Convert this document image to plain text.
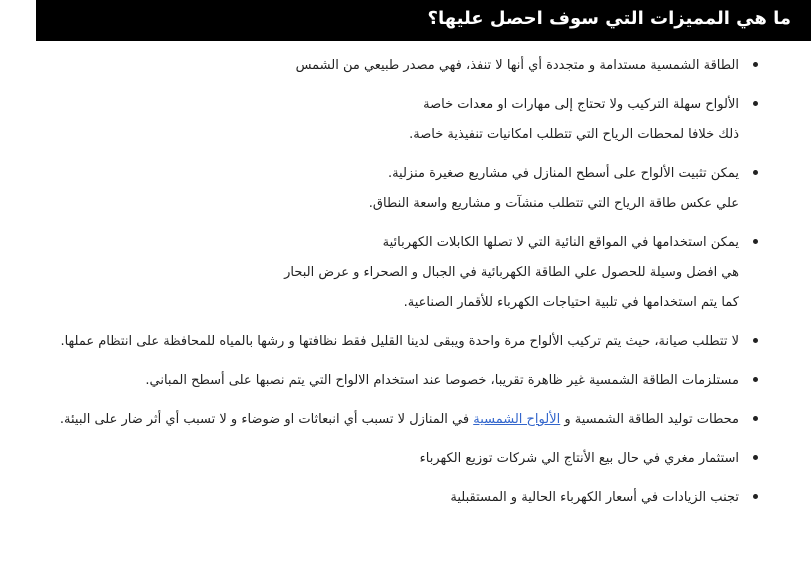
ما هي المميزات التي سوف احصل عليها؟
الطاقة الشمسية مستدامة و متجددة أي أنها لا تنفذ، فهي مصدر طبيعي من الشمس
الألواح سهلة التركيب ولا تحتاج إلى مهارات او معدات خاصة
ذلك خلافا لمحطات الرياح التي تتطلب امكانيات تنفيذية خاصة.
يمكن تثبيت الألواح على أسطح المنازل في مشاريع صغيرة منزلية.
علي عكس طاقة الرياح التي تتطلب منشآت و مشاريع واسعة النطاق.
يمكن استخدامها في المواقع النائية التي لا تصلها الكابلات الكهربائية
هي افضل وسيلة للحصول علي الطاقة الكهربائية في الجبال و الصحراء و عرض البحار
كما يتم استخدامها في تلبية احتياجات الكهرباء للأقمار الصناعية.
لا تتطلب صيانة، حيث يتم تركيب الألواح مرة واحدة ويبقى لدينا القليل فقط نظافتها و رشها بالمياه للمحافظة على انتظام عملها.
مستلزمات الطاقة الشمسية غير ظاهرة تقريبا، خصوصا عند استخدام الالواح التي يتم نصبها على أسطح المباني.
محطات توليد الطاقة الشمسية و الألواح الشمسية في المنازل لا تسبب أي انبعاثات او ضوضاء و لا تسبب أي أثر ضار على البيئة.
استثمار مغري في حال بيع الأنتاج الي شركات توزيع الكهرباء
تجنب الزيادات في أسعار الكهرباء الحالية و المستقبلية
